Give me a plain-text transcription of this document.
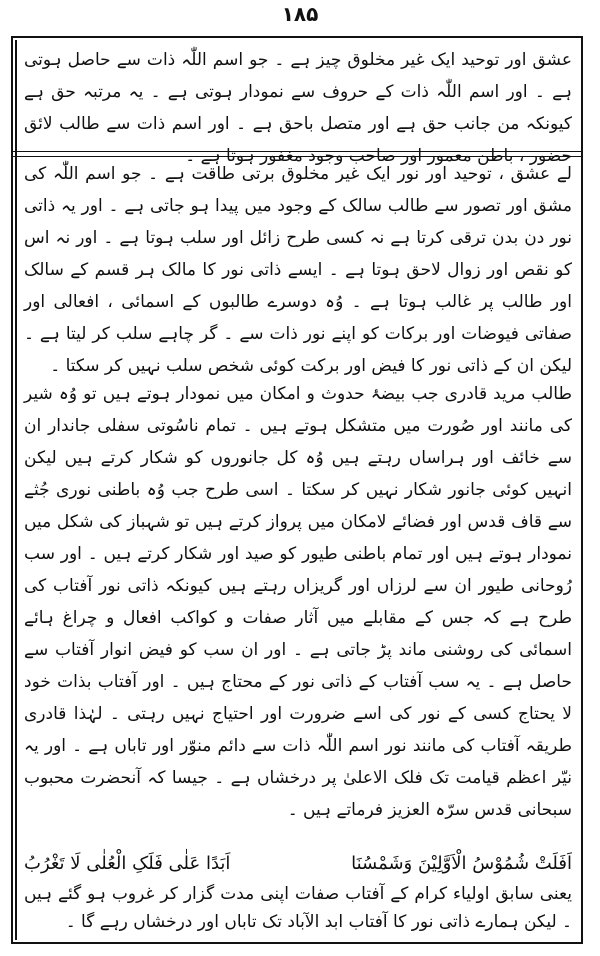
۱۸۵

عشق اور توحید ایک غیر مخلوق چیز ہے ۔ جو اسم اللّٰہ ذات سے حاصل ہوتی ہے ۔ اور اسم اللّٰہ ذات کے حروف سے نمودار ہوتی ہے ۔ یہ مرتبہ حق ہے کیونکہ من جانب حق ہے اور متصل باحق ہے ۔ اور اسم ذات سے طالب لائق حضور ، باطن معمور اور صاحب وجود مغفور ہوتا ہے ۔

لے عشق ، توحید اور نور ایک غیر مخلوق برتی طاقت ہے ۔ جو اسم اللّٰہ کی مشق اور تصور سے طالب سالک کے وجود میں پیدا ہو جاتی ہے ۔ اور یہ ذاتی نور دن بدن ترقی کرتا ہے نہ کسی طرح زائل اور سلب ہوتا ہے ۔ اور نہ اس کو نقص اور زوال لاحق ہوتا ہے ۔ ایسے ذاتی نور کا مالک ہر قسم کے سالک اور طالب پر غالب ہوتا ہے ۔ وُہ دوسرے طالبوں کے اسمائی ، افعالی اور صفاتی فیوضات اور برکات کو اپنے نور ذات سے ۔ گر چاہے سلب کر لیتا ہے ۔ لیکن ان کے ذاتی نور کا فیض اور برکت کوئی شخص سلب نہیں کر سکتا ۔

طالب مرید قادری جب بیضۂ حدوث و امکان میں نمودار ہوتے ہیں تو وُہ شیر کی مانند اور صُورت میں متشکل ہوتے ہیں ۔ تمام ناسُوتی سفلی جاندار ان سے خائف اور ہراساں رہتے ہیں وُہ کل جانوروں کو شکار کرتے ہیں لیکن انہیں کوئی جانور شکار نہیں کر سکتا ۔ اسی طرح جب وُہ باطنی نوری جُثے سے قاف قدس اور فضائے لامکان میں پرواز کرتے ہیں تو شہباز کی شکل میں نمودار ہوتے ہیں اور تمام باطنی طیور کو صید اور شکار کرتے ہیں ۔ اور سب رُوحانی طیور ان سے لرزاں اور گریزاں رہتے ہیں کیونکہ ذاتی نور آفتاب کی طرح ہے کہ جس کے مقابلے میں آثار صفات و کواکب افعال و چراغ ہائے اسمائی کی روشنی ماند پڑ جاتی ہے ۔ اور ان سب کو فیض انوار آفتاب سے حاصل ہے ۔ یہ سب آفتاب کے ذاتی نور کے محتاج ہیں ۔ اور آفتاب بذات خود لا یحتاج کسی کے نور کی اسے ضرورت اور احتیاج نہیں رہتی ۔ لہٰذا قادری طریقہ آفتاب کی مانند نور اسم اللّٰہ ذات سے دائم منوّر اور تاباں ہے ۔ اور یہ نیّر اعظم قیامت تک فلک الاعلیٰ پر درخشاں ہے ۔ جیسا کہ آنحضرت محبوب سبحانی قدس سرّہ العزیز فرماتے ہیں ۔

اَفَلَتْ شُمُوْسُ الْاَوَّلِیْنَ وَشَمْسُنَا
اَبَدًا عَلٰی فَلَکِ الْعُلٰی لَا تَغْرُبُ

یعنی سابق اولیاء کرام کے آفتاب صفات اپنی مدت گزار کر غروب ہو گئے ہیں ۔ لیکن ہمارے ذاتی نور کا آفتاب ابد الآباد تک تاباں اور درخشاں رہے گا ۔
